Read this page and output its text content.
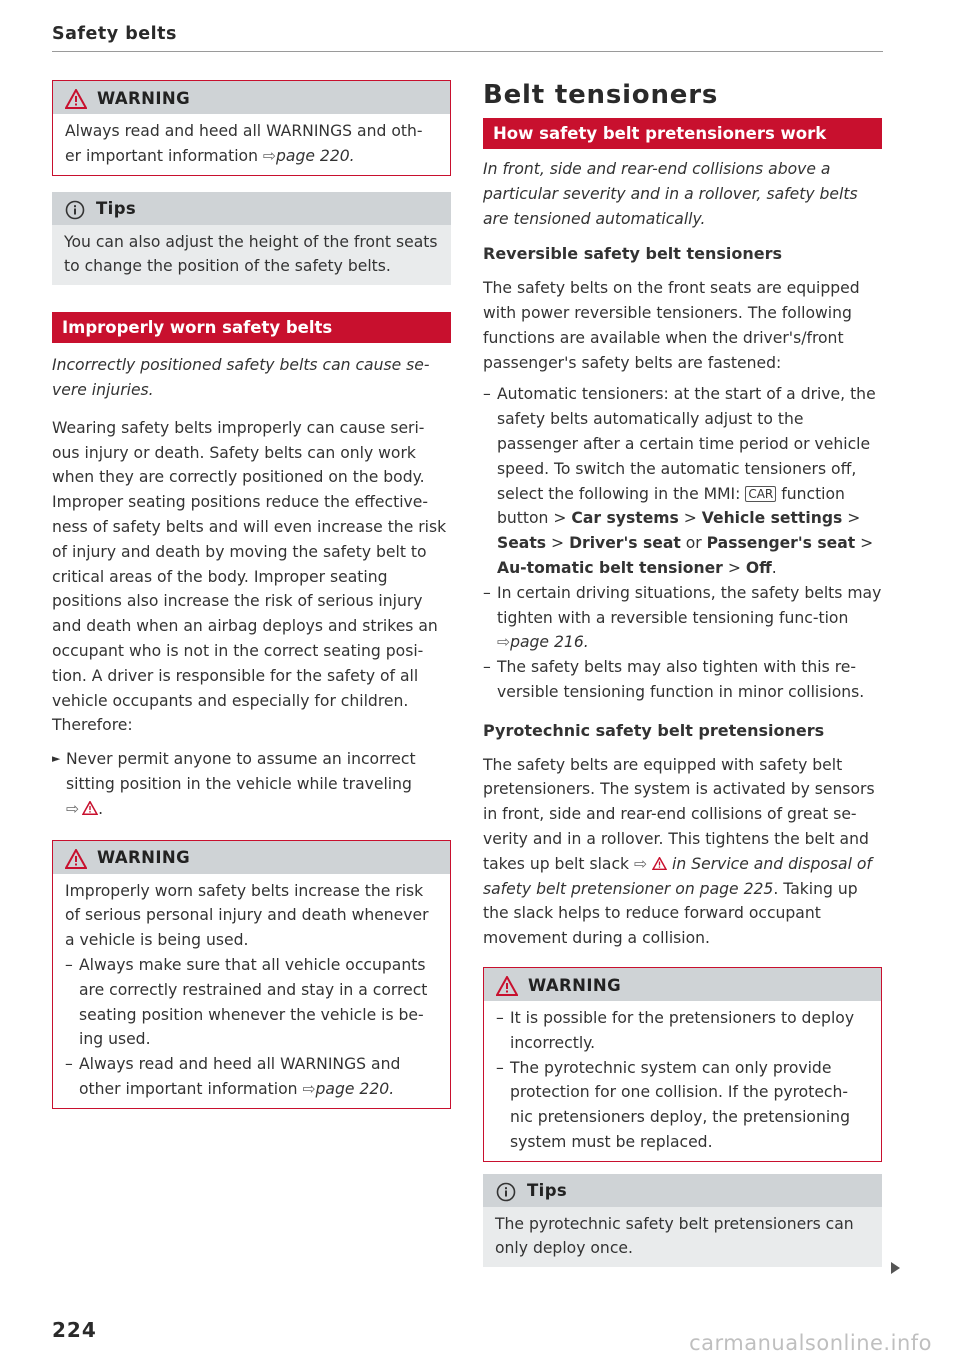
Safety belts
WARNING
Always read and heed all WARNINGS and oth-er important information ⇨page 220.
Tips
You can also adjust the height of the front seats to change the position of the safety belts.
Improperly worn safety belts

Incorrectly positioned safety belts can cause se-vere injuries.

Wearing safety belts improperly can cause seri-ous injury or death. Safety belts can only work when they are correctly positioned on the body. Improper seating positions reduce the effective-ness of safety belts and will even increase the risk of injury and death by moving the safety belt to critical areas of the body. Improper seating positions also increase the risk of serious injury and death when an airbag deploys and strikes an occupant who is not in the correct seating posi-tion. A driver is responsible for the safety of all vehicle occupants and especially for children. Therefore:

► Never permit anyone to assume an incorrect sitting position in the vehicle while traveling
⇨ .
WARNING

Improperly worn safety belts increase the risk of serious personal injury and death whenever a vehicle is being used.

– Always make sure that all vehicle occupants are correctly restrained and stay in a correct seating position whenever the vehicle is be-ing used.
– Always read and heed all WARNINGS and other important information ⇨page 220.
Belt tensioners
How safety belt pretensioners work

In front, side and rear-end collisions above a particular severity and in a rollover, safety belts are tensioned automatically.

Reversible safety belt tensioners

The safety belts on the front seats are equipped with power reversible tensioners. The following functions are available when the driver's/front passenger's safety belts are fastened:

– Automatic tensioners: at the start of a drive, the safety belts automatically adjust to the passenger after a certain time period or vehicle speed. To switch the automatic tensioners off, select the following in the MMI: CAR function button > Car systems > Vehicle settings > Seats > Driver's seat or Passenger's seat > Au-tomatic belt tensioner > Off.
– In certain driving situations, the safety belts may tighten with a reversible tensioning func-tion ⇨page 216.
– The safety belts may also tighten with this re-versible tensioning function in minor collisions.

Pyrotechnic safety belt pretensioners

The safety belts are equipped with safety belt pretensioners. The system is activated by sensors in front, side and rear-end collisions of great se-verity and in a rollover. This tightens the belt and takes up belt slack ⇨ in Service and disposal of safety belt pretensioner on page 225. Taking up the slack helps to reduce forward occupant movement during a collision.

WARNING
– It is possible for the pretensioners to deploy incorrectly.
– The pyrotechnic system can only provide protection for one collision. If the pyrotech-nic pretensioners deploy, the pretensioning system must be replaced.
Tips
The pyrotechnic safety belt pretensioners can only deploy once.
224
carmanualsonline.info
